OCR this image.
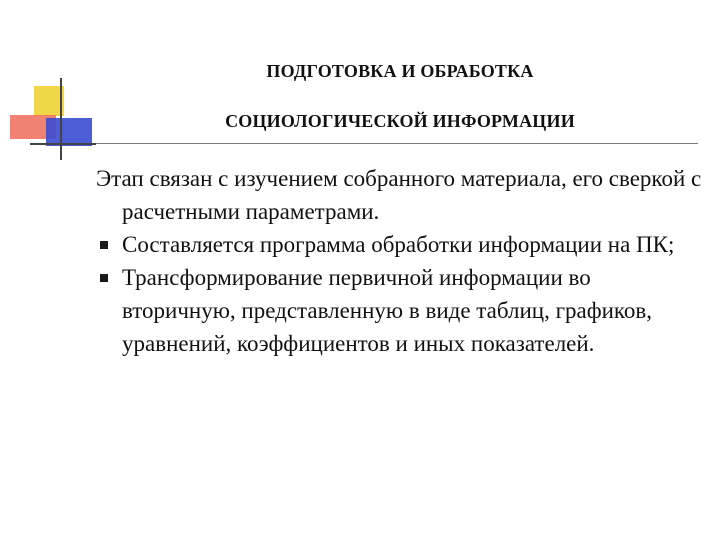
ПОДГОТОВКА И ОБРАБОТКА
СОЦИОЛОГИЧЕСКОЙ ИНФОРМАЦИИ

Этап связан с изучением собранного материала, его сверкой с расчетными параметрами.

Составляется программа обработки информации на ПК;
Трансформирование первичной информации во вторичную, представленную в виде таблиц, графиков, уравнений, коэффициентов и иных показателей.
